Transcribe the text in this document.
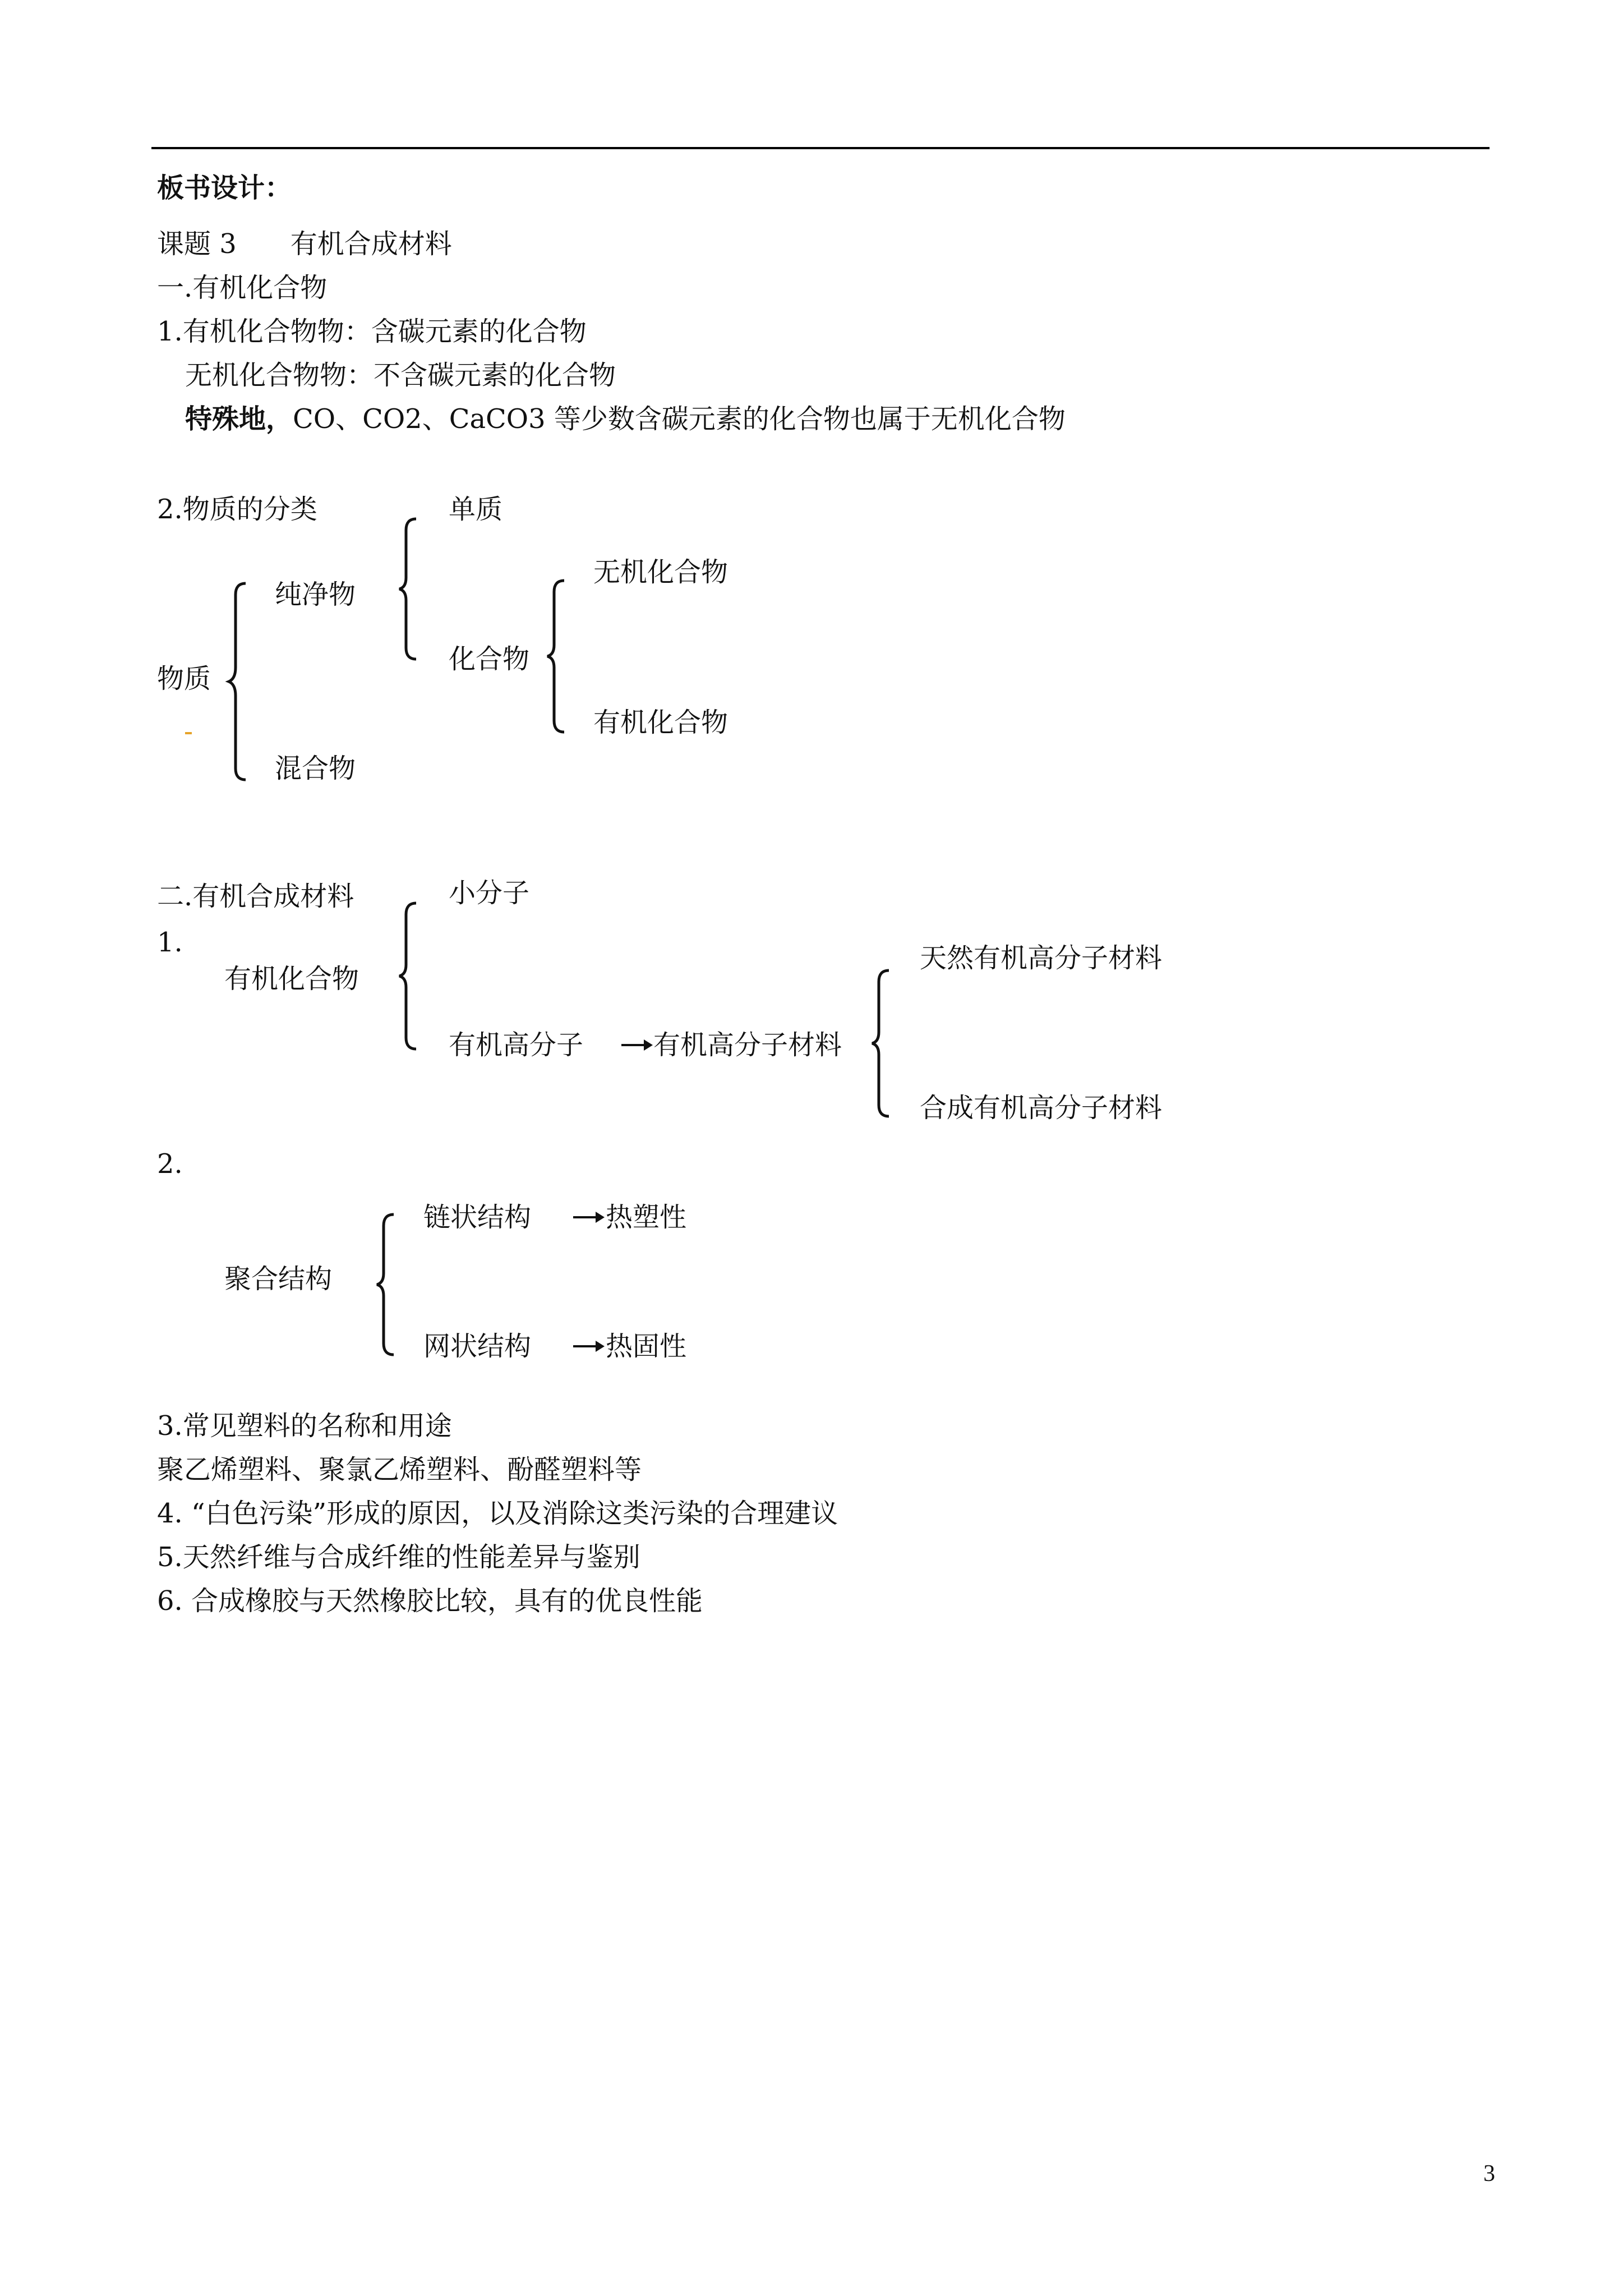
板书设计：
课题 3　　有机合成材料
一.有机化合物
1.有机化合物物：含碳元素的化合物
无机化合物物：不含碳元素的化合物
特殊地，CO、CO2、CaCO3 等少数含碳元素的化合物也属于无机化合物
2.物质的分类
物质
纯净物
混合物
单质
化合物
无机化合物
有机化合物
二.有机合成材料
1.
有机化合物
小分子
有机高分子	有机高分子材料
天然有机高分子材料
合成有机高分子材料
2.
聚合结构
链状结构	热塑性
网状结构	热固性
3.常见塑料的名称和用途
聚乙烯塑料、聚氯乙烯塑料、酚醛塑料等
4. “白色污染”形成的原因，以及消除这类污染的合理建议
5.天然纤维与合成纤维的性能差异与鉴别
6. 合成橡胶与天然橡胶比较，具有的优良性能
3
